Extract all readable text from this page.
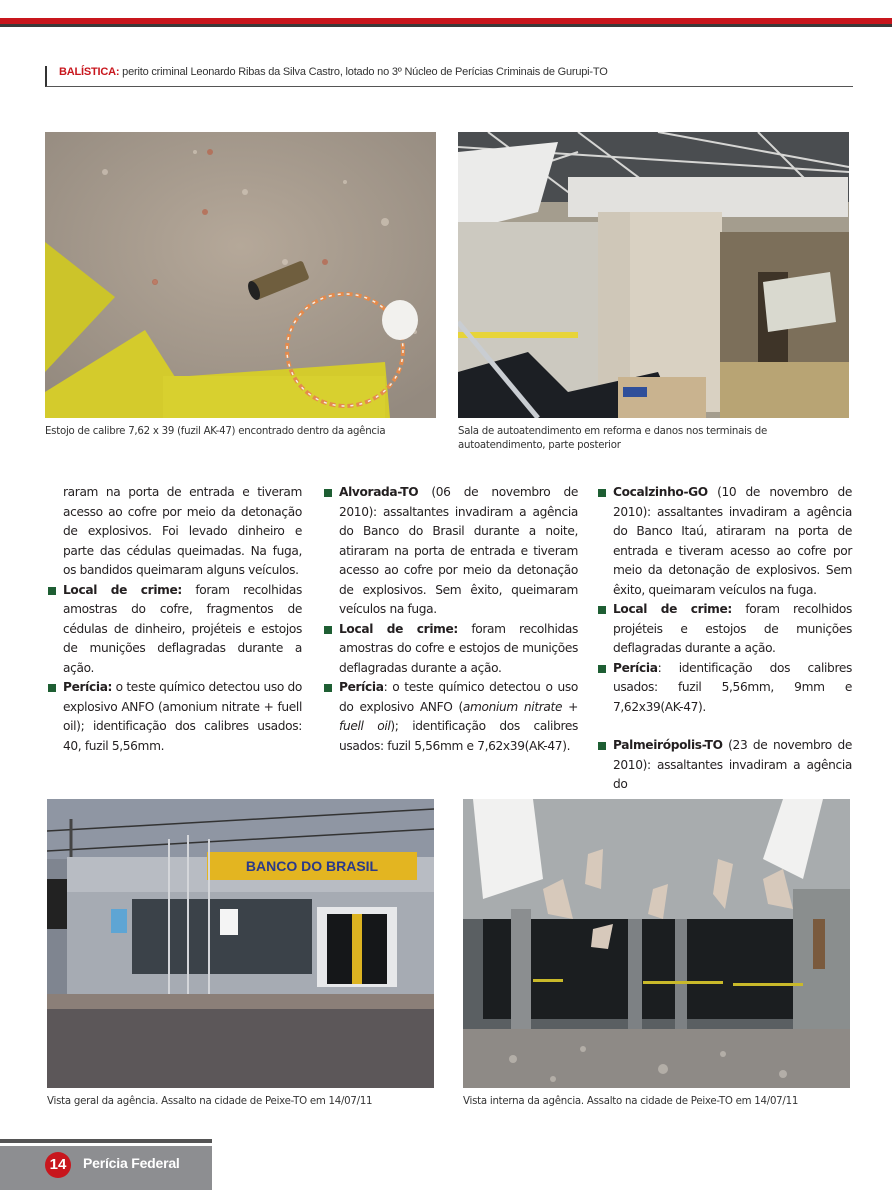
BALÍSTICA: perito criminal Leonardo Ribas da Silva Castro, lotado no 3º Núcleo de Perícias Criminais de Gurupi-TO
Estojo de calibre 7,62 x 39 (fuzil AK-47) encontrado dentro da agência	Sala de autoatendimento em reforma e danos nos terminais de autoatendimento, parte posterior

raram na porta de entrada e tiveram acesso ao cofre por meio da detonação de explosivos. Foi levado dinheiro e parte das cédulas queimadas. Na fuga, os bandidos queimaram alguns veículos.

Local de crime: foram recolhidas amostras do cofre, fragmentos de cédulas de dinheiro, projéteis e estojos de munições deflagradas durante a ação.
Perícia: o teste químico detectou uso do explosivo ANFO (amonium nitrate + fuell oil); identificação dos calibres usados: 40, fuzil 5,56mm.
Alvorada-TO (06 de novembro de 2010): assaltantes invadiram a agência do Banco do Brasil durante a noite, atiraram na porta de entrada e tiveram acesso ao cofre por meio da detonação de explosivos. Sem êxito, queimaram veículos na fuga.
Local de crime: foram recolhidas amostras do cofre e estojos de munições deflagradas durante a ação.
Perícia: o teste químico detectou o uso do explosivo ANFO (amonium nitrate + fuell oil); identificação dos calibres usados: fuzil 5,56mm e 7,62x39(AK-47).
Cocalzinho-GO (10 de novembro de 2010): assaltantes invadiram a agência do Banco Itaú, atiraram na porta de entrada e tiveram acesso ao cofre por meio da detonação de explosivos. Sem êxito, queimaram veículos na fuga.
Local de crime: foram recolhidos projéteis e estojos de munições deflagradas durante a ação.
Perícia: identificação dos calibres usados: fuzil 5,56mm, 9mm e 7,62x39(AK-47).
Palmeirópolis-TO (23 de novembro de 2010): assaltantes invadiram a agência do
BANCO DO BRASIL
Vista geral da agência. Assalto na cidade de Peixe-TO em 14/07/11	Vista interna da agência. Assalto na cidade de Peixe-TO em 14/07/11
14	Perícia Federal
